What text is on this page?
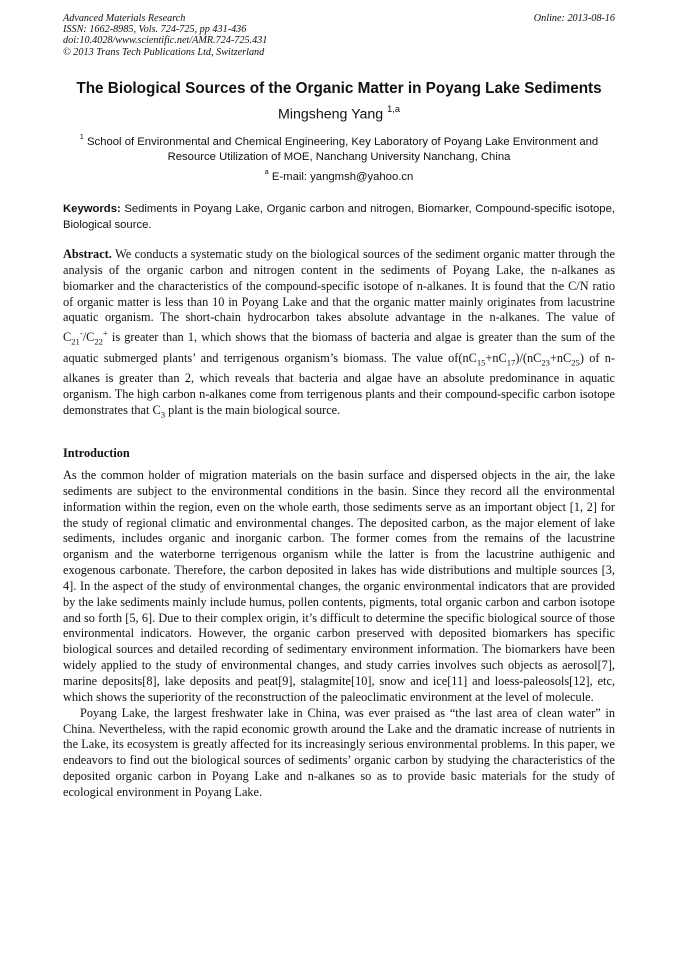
Advanced Materials Research
ISSN: 1662-8985, Vols. 724-725, pp 431-436
doi:10.4028/www.scientific.net/AMR.724-725.431
© 2013 Trans Tech Publications Ltd, Switzerland
Online: 2013-08-16
The Biological Sources of the Organic Matter in Poyang Lake Sediments
Mingsheng Yang $^{1,a}$
$^1$ School of Environmental and Chemical Engineering, Key Laboratory of Poyang Lake Environment and Resource Utilization of MOE, Nanchang University Nanchang, China
$^a$ E-mail: yangmsh@yahoo.cn
Keywords: Sediments in Poyang Lake, Organic carbon and nitrogen, Biomarker, Compound-specific isotope, Biological source.
Abstract. We conducts a systematic study on the biological sources of the sediment organic matter through the analysis of the organic carbon and nitrogen content in the sediments of Poyang Lake, the n-alkanes as biomarker and the characteristics of the compound-specific isotope of n-alkanes. It is found that the C/N ratio of organic matter is less than 10 in Poyang Lake and that the organic matter mainly originates from lacustrine aquatic organism. The short-chain hydrocarbon takes absolute advantage in the n-alkanes. The value of $C_{21}^-/C_{22}^+$ is greater than 1, which shows that the biomass of bacteria and algae is greater than the sum of the aquatic submerged plants’ and terrigenous organism’s biomass. The value $of(nC_{15}+nC_{17})/(nC_{23}+nC_{25})$ of n-alkanes is greater than 2, which reveals that bacteria and algae have an absolute predominance in aquatic organism. The high carbon n-alkanes come from terrigenous plants and their compound-specific carbon isotope demonstrates that $C_3$ plant is the main biological source.
Introduction

As the common holder of migration materials on the basin surface and dispersed objects in the air, the lake sediments are subject to the environmental conditions in the basin. Since they record all the environmental information within the region, even on the whole earth, those sediments serve as an important object [1, 2] for the study of regional climatic and environmental changes. The deposited carbon, as the major element of lake sediments, includes organic and inorganic carbon. The former comes from the remains of the lacustrine organism and the waterborne terrigenous organism while the latter is from the lacustrine authigenic and exogenous carbonate. Therefore, the carbon deposited in lakes has wide distributions and multiple sources [3, 4]. In the aspect of the study of environmental changes, the organic environmental indicators that are provided by the lake sediments mainly include humus, pollen contents, pigments, total organic carbon and carbon isotope and so forth [5, 6]. Due to their complex origin, it’s difficult to determine the specific biological source of those environmental indicators. However, the organic carbon preserved with deposited biomarkers has specific biological sources and detailed recording of sedimentary environment information. The biomarkers have been widely applied to the study of environmental changes, and study carries involves such objects as aerosol[7], marine deposits[8], lake deposits and peat[9], stalagmite[10], snow and ice[11] and loess-paleosols[12], etc, which shows the superiority of the reconstruction of the paleoclimatic environment at the level of molecule.

Poyang Lake, the largest freshwater lake in China, was ever praised as “the last area of clean water” in China. Nevertheless, with the rapid economic growth around the Lake and the dramatic increase of nutrients in the Lake, its ecosystem is greatly affected for its increasingly serious environmental problems. In this paper, we endeavors to find out the biological sources of sediments’ organic carbon by studying the characteristics of the deposited organic carbon in Poyang Lake and n-alkanes so as to provide basic materials for the study of ecological environment in Poyang Lake.
